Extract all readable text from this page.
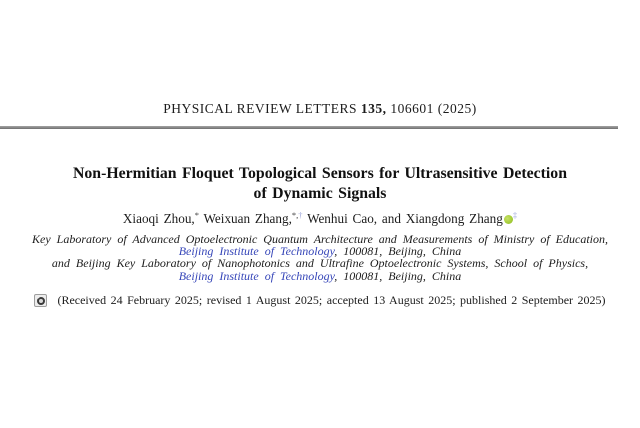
PHYSICAL REVIEW LETTERS 135, 106601 (2025)
Non-Hermitian Floquet Topological Sensors for Ultrasensitive Detection
of Dynamic Signals
Xiaoqi Zhou,* Weixuan Zhang,*,† Wenhui Cao, and Xiangdong Zhang ‡
Key Laboratory of Advanced Optoelectronic Quantum Architecture and Measurements of Ministry of Education,
Beijing Institute of Technology, 100081, Beijing, China
and Beijing Key Laboratory of Nanophotonics and Ultrafine Optoelectronic Systems, School of Physics,
Beijing Institute of Technology, 100081, Beijing, China
(Received 24 February 2025; revised 1 August 2025; accepted 13 August 2025; published 2 September 2025)
